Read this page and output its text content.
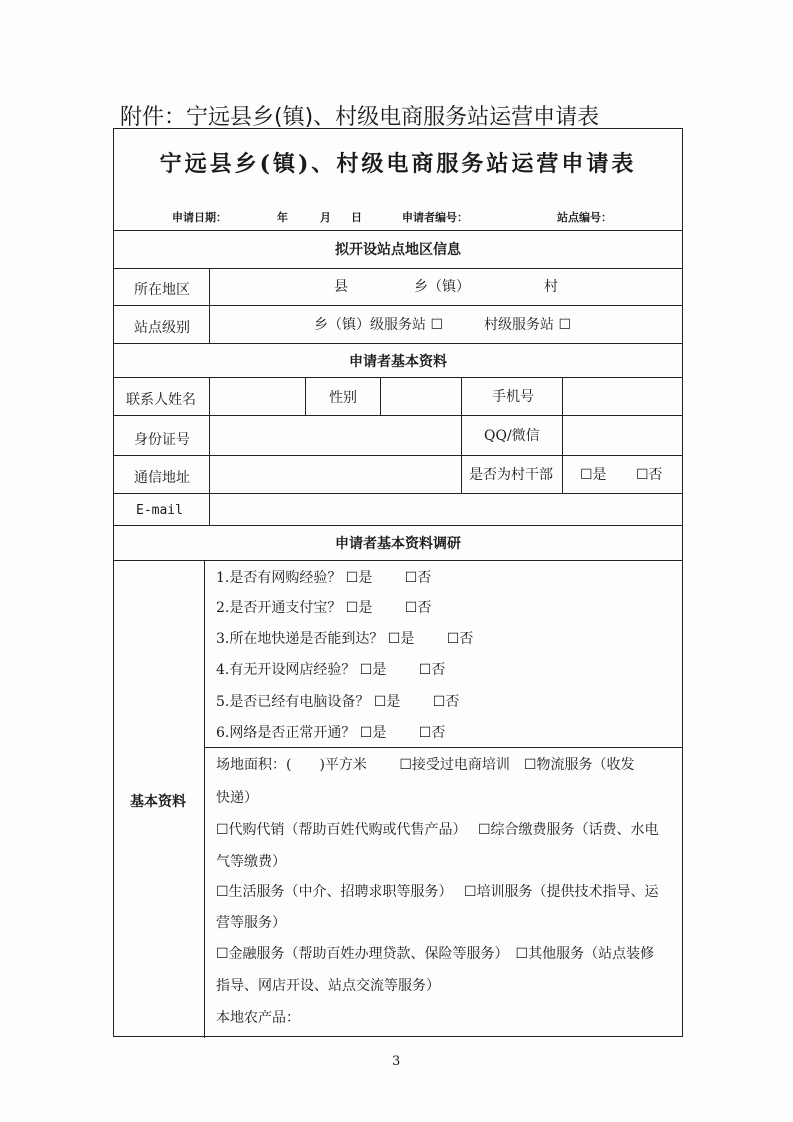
附件：宁远县乡(镇)、村级电商服务站运营申请表
宁远县乡(镇)、村级电商服务站运营申请表
申请日期：	年	月 日	申请者编号：	站点编号：
拟开设站点地区信息
所在地区	县	乡（镇）	村
站点级别	乡（镇）级服务站 ☐	村级服务站 ☐
申请者基本资料
联系人姓名	性别	手机号
身份证号	QQ/微信
通信地址	是否为村干部 ☐是 ☐否
E-mail
申请者基本资料调研
基本资料
1.是否有网购经验？ ☐是　　 ☐否
2.是否开通支付宝？ ☐是　　 ☐否
3.所在地快递是否能到达？ ☐是　　 ☐否
4.有无开设网店经验？ ☐是　　 ☐否
5.是否已经有电脑设备？ ☐是　　 ☐否
6.网络是否正常开通？ ☐是　　 ☐否
场地面积：(　　)平方米　　 ☐接受过电商培训　☐物流服务（收发
快递）
☐代购代销（帮助百姓代购或代售产品）　 ☐综合缴费服务（话费、水电
气等缴费）
☐生活服务（中介、招聘求职等服务）　 ☐培训服务（提供技术指导、运
营等服务）
☐金融服务（帮助百姓办理贷款、保险等服务）　☐其他服务（站点装修
指导、网店开设、站点交流等服务）
本地农产品：
3
